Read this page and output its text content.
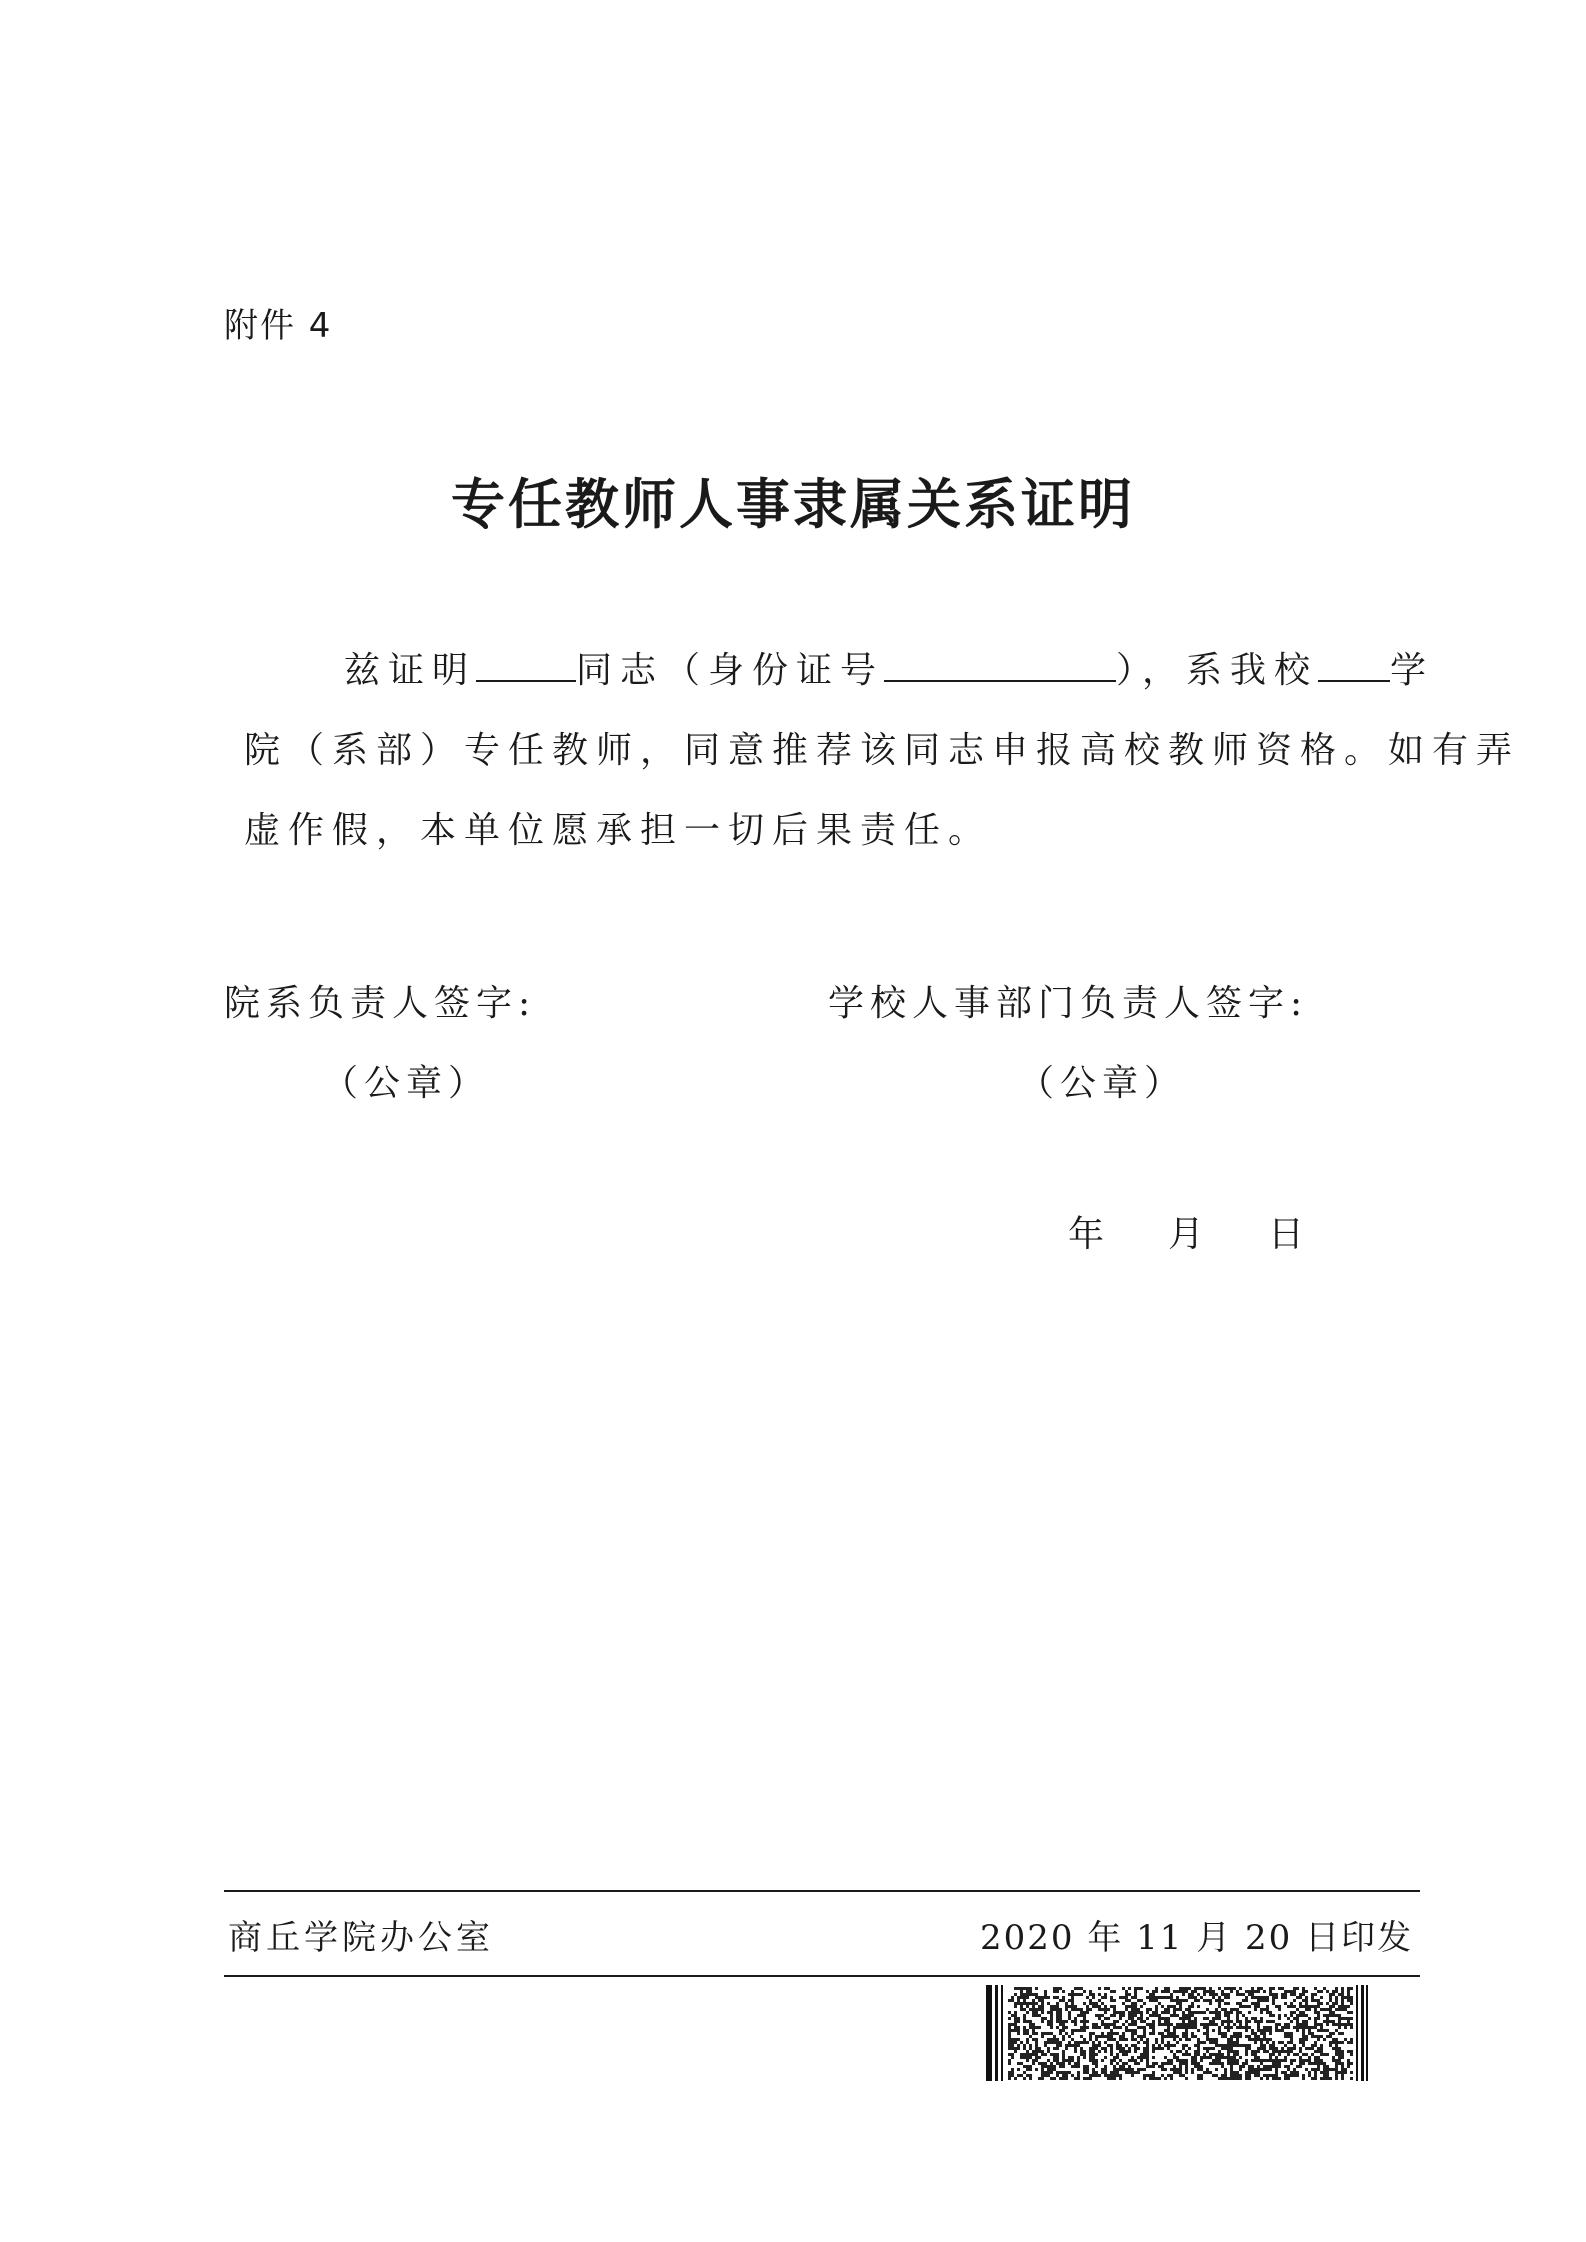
附件 4
专任教师人事隶属关系证明
兹证明	同志（身份证号	），系我校 学
院（系部）专任教师，同意推荐该同志申报高校教师资格。如有弄
虚作假，本单位愿承担一切后果责任。
院系负责人签字:	学校人事部门负责人签字:
（公章）	（公章）
年 月 日
商丘学院办公室	2020 年 11 月 20 日印发
